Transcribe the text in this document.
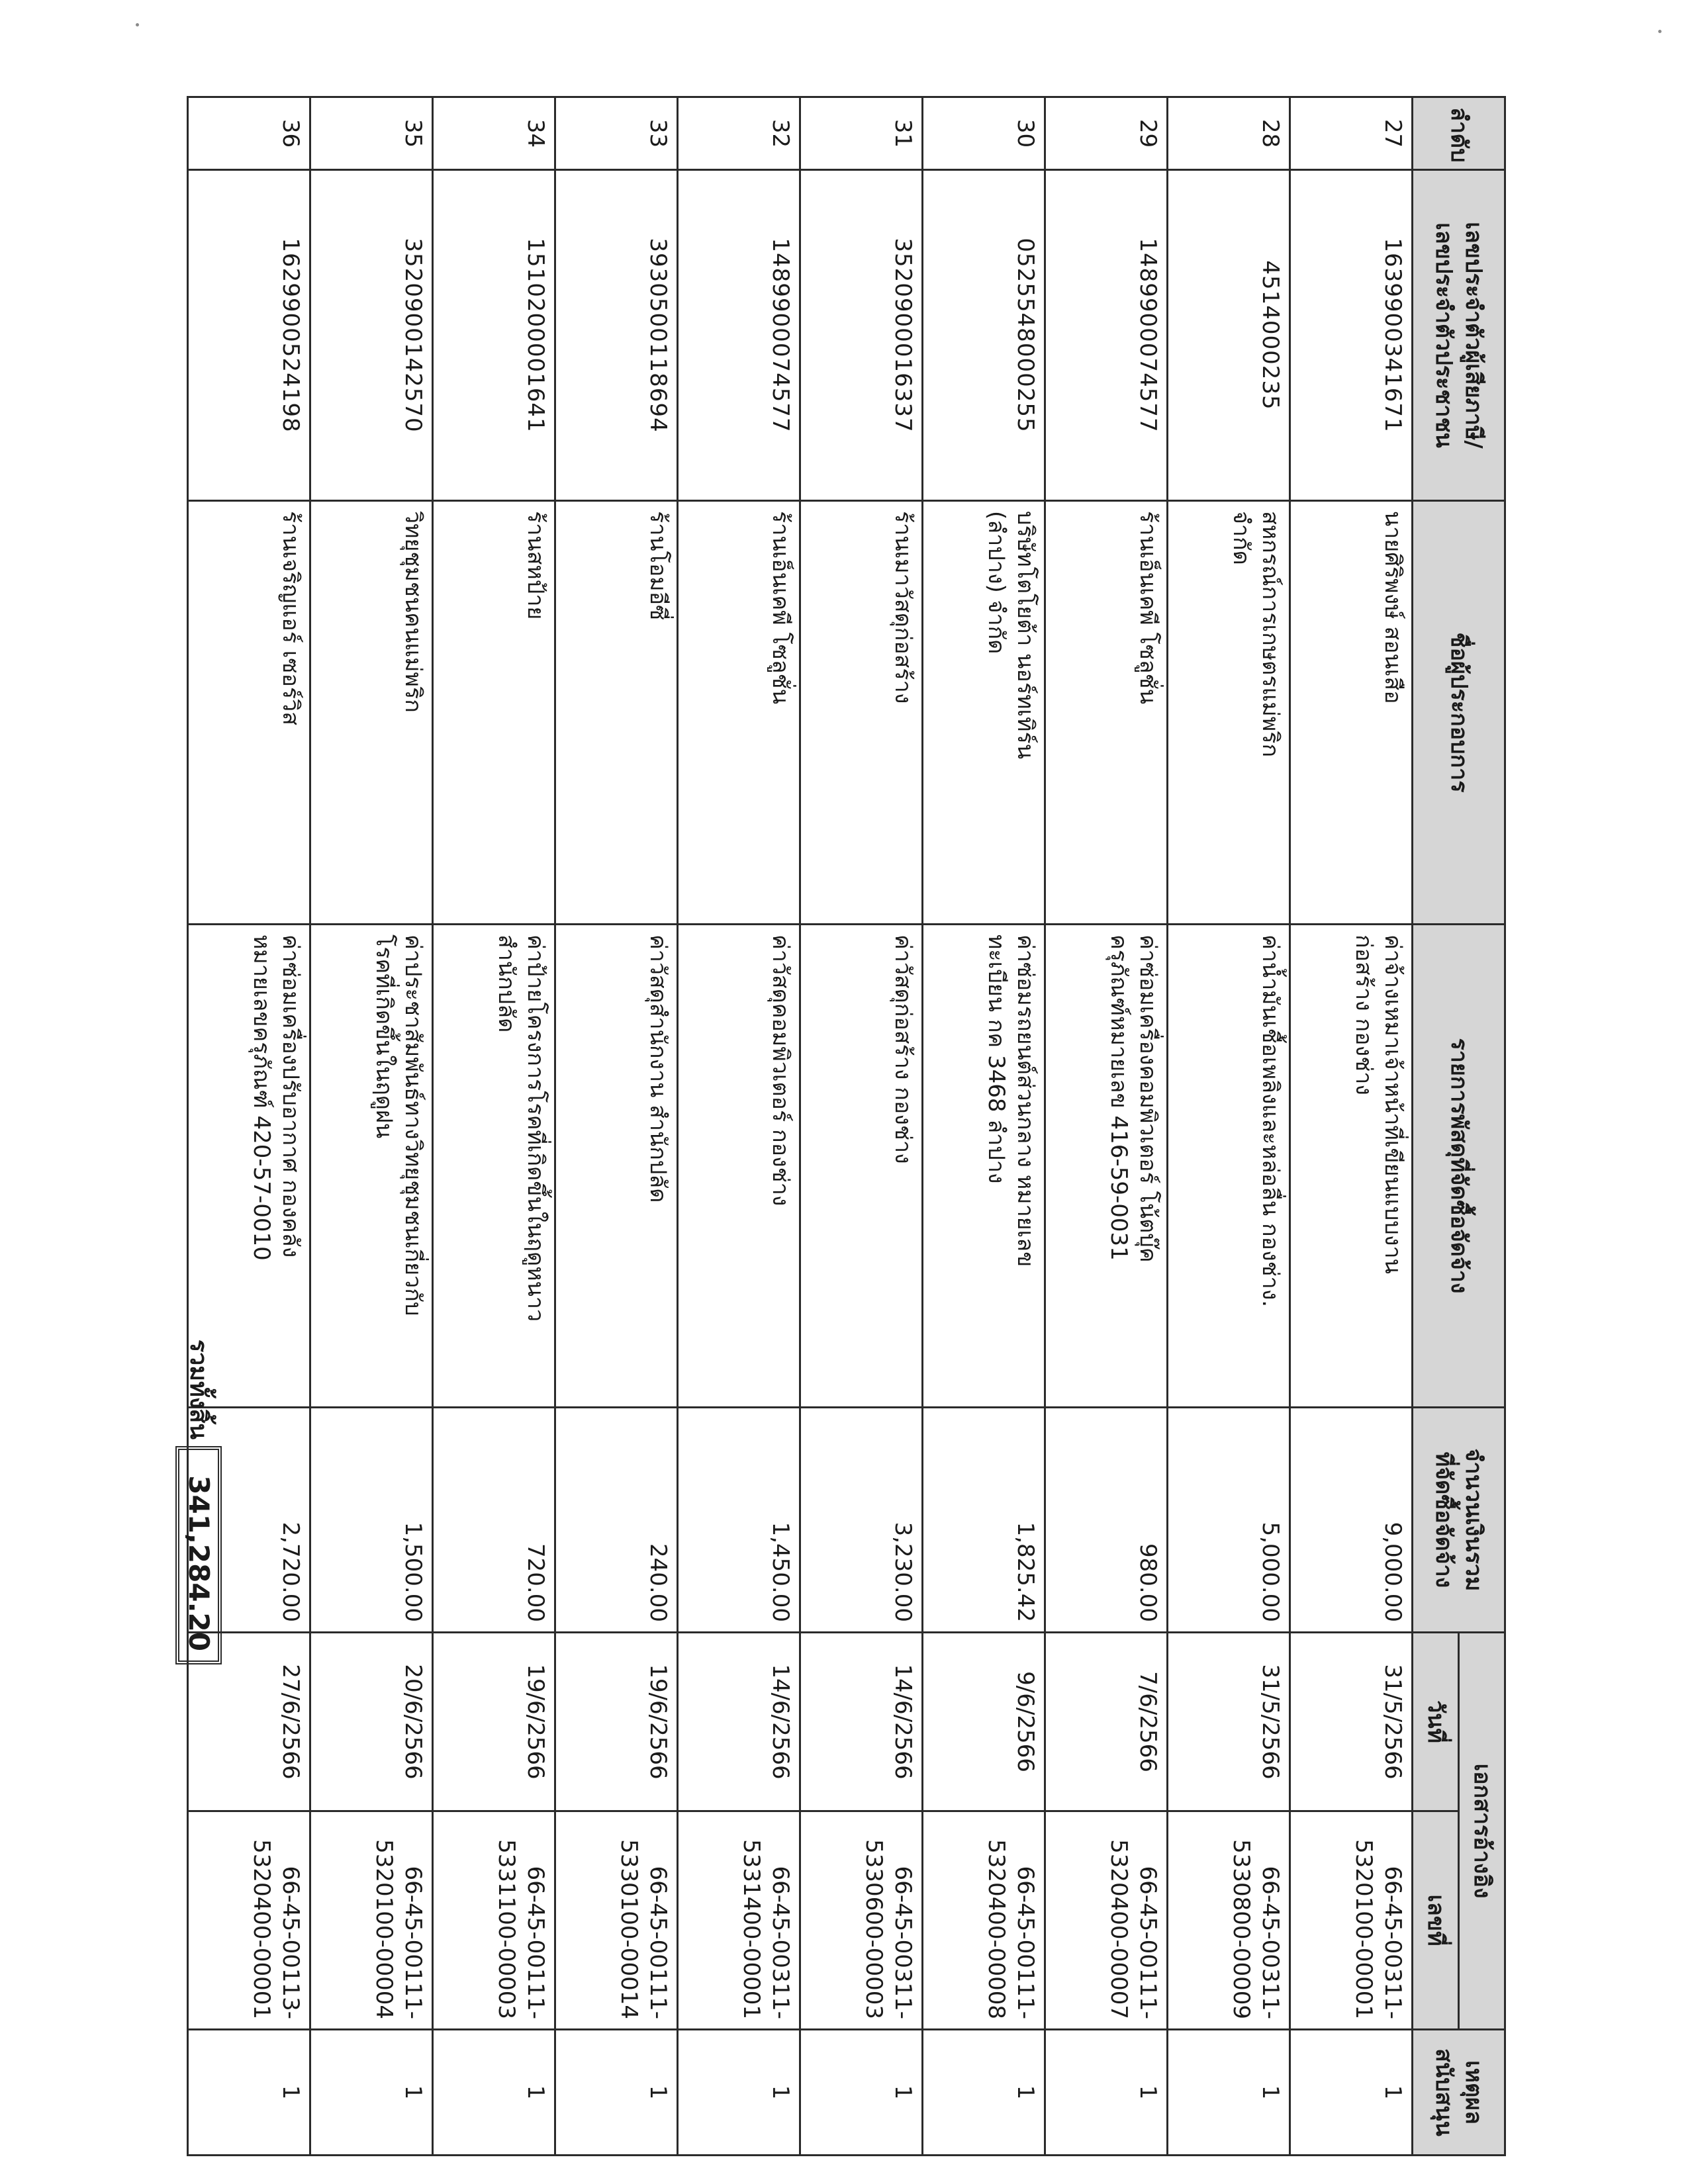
ลำดับ	เลขประจำตัวผู้เสียภาษี/
เลขประจำตัวประชาชน	ชื่อผู้ประกอบการ	รายการพัสดุที่จัดซื้อจัดจ้าง	จำนวนเงินรวม
ที่จัดซื้อจัดจ้าง	เอกสารอ้างอิง		เหตุผล
สนับสนุน

					วันที่	เลขที่	
27	1639900341671	นายศิริพงษ์ สอนเสือ	ค่าจ้างเหมาเจ้าหน้าที่เขียนแบบงาน
ก่อสร้าง กองช่าง	9,000.00	31/5/2566	66-45-00311-
5320100-00001	1
28	4514000235	สหกรณ์การเกษตรแม่พริก
จำกัด	ค่าน้ำมันเชื้อเพลิงและหล่อลื่น กองช่าง.	5,000.00	31/5/2566	66-45-00311-
5330800-00009	1
29	1489900074577	ร้านเอ็นเคพี โซลูชั่น	ค่าซ่อมเครื่องคอมพิวเตอร์ โน้ตบุ๊ค
ครุภัณฑ์หมายเลข 416-59-0031	980.00	7/6/2566	66-45-00111-
5320400-00007	1
30	0525548000255	บริษัทโตโยต้า นอร์ทเทิร์น
(ลำปาง) จำกัด	ค่าซ่อมรถยนต์ส่วนกลาง หมายเลข
ทะเบียน กค 3468 ลำปาง	1,825.42	9/6/2566	66-45-00111-
5320400-00008	1
31	3520900016337	ร้านเมาวัสดุก่อสร้าง	ค่าวัสดุก่อสร้าง กองช่าง	3,230.00	14/6/2566	66-45-00311-
5330600-00003	1
32	1489900074577	ร้านเอ็นเคพี โซลูชั่น	ค่าวัสดุคอมพิวเตอร์ กองช่าง	1,450.00	14/6/2566	66-45-00311-
5331400-00001	1
33	3930500118694	ร้านโอมอีซี่	ค่าวัสดุสำนักงาน สำนักปลัด	240.00	19/6/2566	66-45-00111-
5330100-00014	1
34	1510200001641	ร้านสหป้าย	ค่าป้ายโครงการโรคที่เกิดขึ้นในฤดูหนาว
สำนักปลัด	720.00	19/6/2566	66-45-00111-
5331100-00003	1
35	3520900142570	วิทยุชุมชนคนแม่พริก	ค่าประชาสัมพันธ์ทางวิทยุชุมชนเกี่ยวกับ
โรคที่เกิดขึ้นในฤดูฝน	1,500.00	20/6/2566	66-45-00111-
5320100-00004	1
36	1629900524198	ร้านเจริญแอร์ เซอร์วิส	ค่าซ่อมเครื่องปรับอากาศ กองคลัง
หมายเลขครุภัณฑ์ 420-57-0010	2,720.00	27/6/2566	66-45-00113-
5320400-00001	1
รวมทั้งสิ้น
341,284.20
